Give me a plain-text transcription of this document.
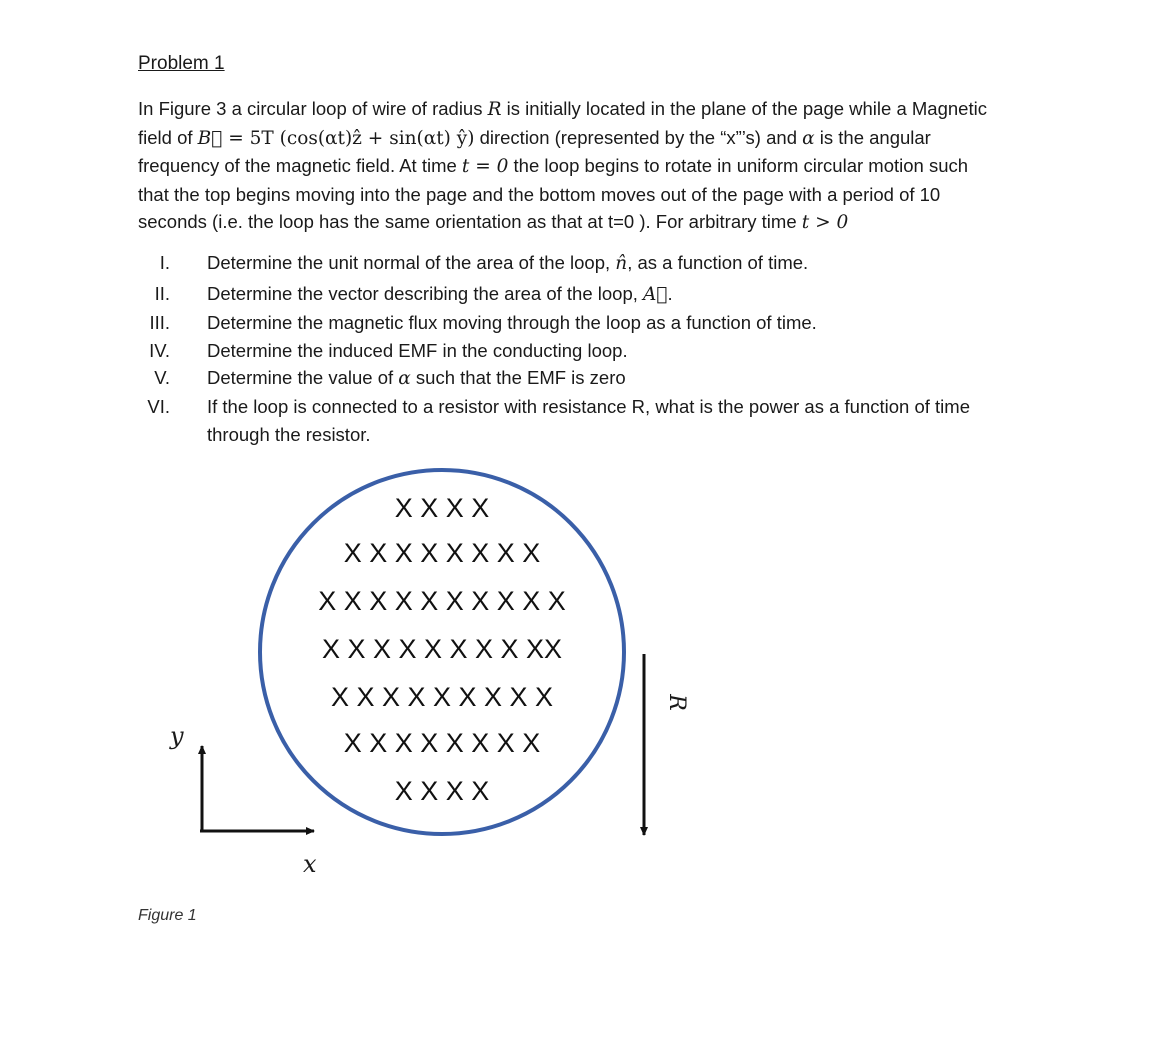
Problem 1
In Figure 3 a circular loop of wire of radius R is initially located in the plane of the page while a Magnetic
field of B⃗ = 5T (cos(αt)ẑ + sin(αt) ŷ) direction (represented by the “x”’s) and α is the angular
frequency of the magnetic field. At time t = 0 the loop begins to rotate in uniform circular motion such
that the top begins moving into the page and the bottom moves out of the page with a period of 10
seconds (i.e. the loop has the same orientation as that at t=0 ). For arbitrary time t > 0
I. Determine the unit normal of the area of the loop, n̂, as a function of time.
II. Determine the vector describing the area of the loop, A⃗.
III. Determine the magnetic flux moving through the loop as a function of time.
IV. Determine the induced EMF in the conducting loop.
V. Determine the value of α such that the EMF is zero
VI. If the loop is connected to a resistor with resistance R, what is the power as a function of time
through the resistor.
X X X X
X X X X X X X X
X X X X X X X X X X
X X X X X X X X XX
X X X X X X X X X
X X X X X X X X
X X X X
y
x
R
Figure 1
